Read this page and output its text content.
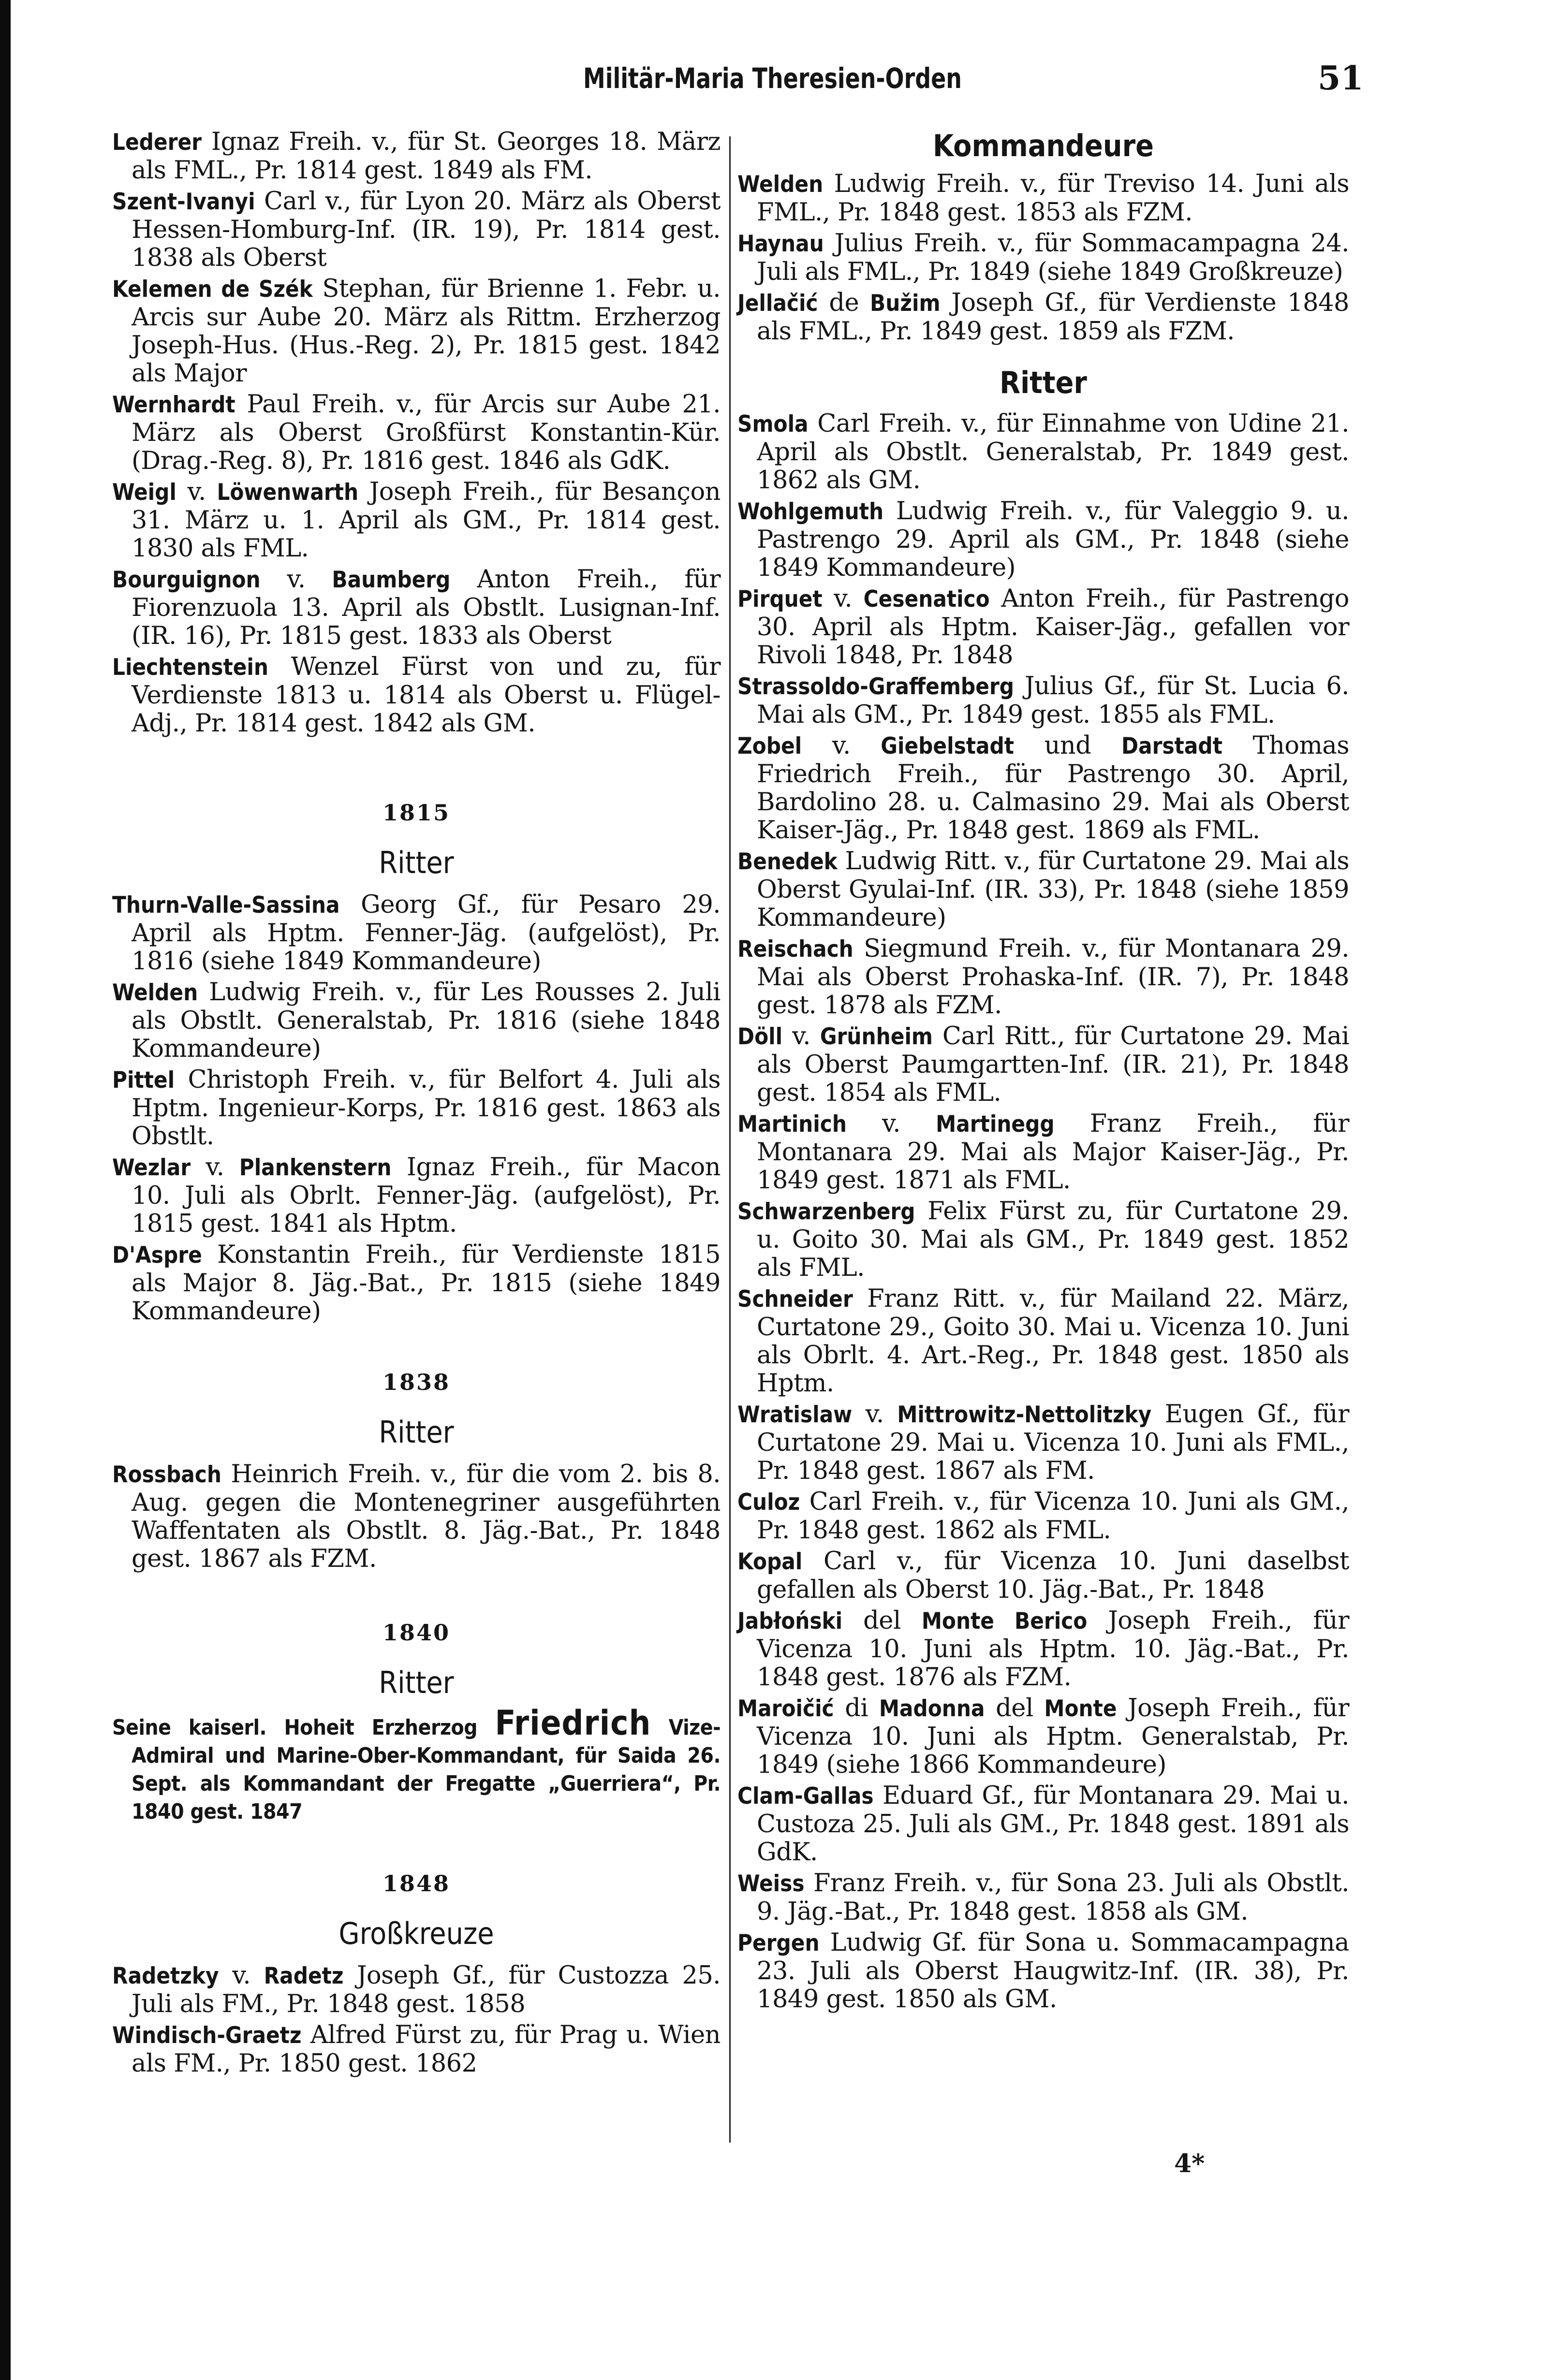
Militär-Maria Theresien-Orden	51
Lederer Ignaz Freih. v., für St. Georges 18. März als FML., Pr. 1814 gest. 1849 als FM.
Szent-Ivanyi Carl v., für Lyon 20. März als Oberst Hessen-Homburg-Inf. (IR. 19), Pr. 1814 gest. 1838 als Oberst
Kelemen de Szék Stephan, für Brienne 1. Febr. u. Arcis sur Aube 20. März als Rittm. Erzherzog Joseph-Hus. (Hus.-Reg. 2), Pr. 1815 gest. 1842 als Major
Wernhardt Paul Freih. v., für Arcis sur Aube 21. März als Oberst Großfürst Konstantin-Kür. (Drag.-Reg. 8), Pr. 1816 gest. 1846 als GdK.
Weigl v. Löwenwarth Joseph Freih., für Besançon 31. März u. 1. April als GM., Pr. 1814 gest. 1830 als FML.
Bourguignon v. Baumberg Anton Freih., für Fiorenzuola 13. April als Obstlt. Lusignan-Inf. (IR. 16), Pr. 1815 gest. 1833 als Oberst
Liechtenstein Wenzel Fürst von und zu, für Verdienste 1813 u. 1814 als Oberst u. Flügel-Adj., Pr. 1814 gest. 1842 als GM.
1815
Ritter
Thurn-Valle-Sassina Georg Gf., für Pesaro 29. April als Hptm. Fenner-Jäg. (aufgelöst), Pr. 1816 (siehe 1849 Kommandeure)
Welden Ludwig Freih. v., für Les Rousses 2. Juli als Obstlt. Generalstab, Pr. 1816 (siehe 1848 Kommandeure)
Pittel Christoph Freih. v., für Belfort 4. Juli als Hptm. Ingenieur-Korps, Pr. 1816 gest. 1863 als Obstlt.
Wezlar v. Plankenstern Ignaz Freih., für Macon 10. Juli als Obrlt. Fenner-Jäg. (aufgelöst), Pr. 1815 gest. 1841 als Hptm.
D'Aspre Konstantin Freih., für Verdienste 1815 als Major 8. Jäg.-Bat., Pr. 1815 (siehe 1849 Kommandeure)
1838
Ritter
Rossbach Heinrich Freih. v., für die vom 2. bis 8. Aug. gegen die Montenegriner ausgeführten Waffentaten als Obstlt. 8. Jäg.-Bat., Pr. 1848 gest. 1867 als FZM.
1840
Ritter
Seine kaiserl. Hoheit Erzherzog Friedrich Vize-Admiral und Marine-Ober-Kommandant, für Saida 26. Sept. als Kommandant der Fregatte „Guerriera“, Pr. 1840 gest. 1847
1848
Großkreuze
Radetzky v. Radetz Joseph Gf., für Custozza 25. Juli als FM., Pr. 1848 gest. 1858
Windisch-Graetz Alfred Fürst zu, für Prag u. Wien als FM., Pr. 1850 gest. 1862
Kommandeure
Welden Ludwig Freih. v., für Treviso 14. Juni als FML., Pr. 1848 gest. 1853 als FZM.
Haynau Julius Freih. v., für Sommacampagna 24. Juli als FML., Pr. 1849 (siehe 1849 Großkreuze)
Jellačić de Bužim Joseph Gf., für Verdienste 1848 als FML., Pr. 1849 gest. 1859 als FZM.
Ritter
Smola Carl Freih. v., für Einnahme von Udine 21. April als Obstlt. Generalstab, Pr. 1849 gest. 1862 als GM.
Wohlgemuth Ludwig Freih. v., für Valeggio 9. u. Pastrengo 29. April als GM., Pr. 1848 (siehe 1849 Kommandeure)
Pirquet v. Cesenatico Anton Freih., für Pastrengo 30. April als Hptm. Kaiser-Jäg., gefallen vor Rivoli 1848, Pr. 1848
Strassoldo-Graffemberg Julius Gf., für St. Lucia 6. Mai als GM., Pr. 1849 gest. 1855 als FML.
Zobel v. Giebelstadt und Darstadt Thomas Friedrich Freih., für Pastrengo 30. April, Bardolino 28. u. Calmasino 29. Mai als Oberst Kaiser-Jäg., Pr. 1848 gest. 1869 als FML.
Benedek Ludwig Ritt. v., für Curtatone 29. Mai als Oberst Gyulai-Inf. (IR. 33), Pr. 1848 (siehe 1859 Kommandeure)
Reischach Siegmund Freih. v., für Montanara 29. Mai als Oberst Prohaska-Inf. (IR. 7), Pr. 1848 gest. 1878 als FZM.
Döll v. Grünheim Carl Ritt., für Curtatone 29. Mai als Oberst Paumgartten-Inf. (IR. 21), Pr. 1848 gest. 1854 als FML.
Martinich v. Martinegg Franz Freih., für Montanara 29. Mai als Major Kaiser-Jäg., Pr. 1849 gest. 1871 als FML.
Schwarzenberg Felix Fürst zu, für Curtatone 29. u. Goito 30. Mai als GM., Pr. 1849 gest. 1852 als FML.
Schneider Franz Ritt. v., für Mailand 22. März, Curtatone 29., Goito 30. Mai u. Vicenza 10. Juni als Obrlt. 4. Art.-Reg., Pr. 1848 gest. 1850 als Hptm.
Wratislaw v. Mittrowitz-Nettolitzky Eugen Gf., für Curtatone 29. Mai u. Vicenza 10. Juni als FML., Pr. 1848 gest. 1867 als FM.
Culoz Carl Freih. v., für Vicenza 10. Juni als GM., Pr. 1848 gest. 1862 als FML.
Kopal Carl v., für Vicenza 10. Juni daselbst gefallen als Oberst 10. Jäg.-Bat., Pr. 1848
Jabłoński del Monte Berico Joseph Freih., für Vicenza 10. Juni als Hptm. 10. Jäg.-Bat., Pr. 1848 gest. 1876 als FZM.
Maroičić di Madonna del Monte Joseph Freih., für Vicenza 10. Juni als Hptm. Generalstab, Pr. 1849 (siehe 1866 Kommandeure)
Clam-Gallas Eduard Gf., für Montanara 29. Mai u. Custoza 25. Juli als GM., Pr. 1848 gest. 1891 als GdK.
Weiss Franz Freih. v., für Sona 23. Juli als Obstlt. 9. Jäg.-Bat., Pr. 1848 gest. 1858 als GM.
Pergen Ludwig Gf. für Sona u. Sommacampagna 23. Juli als Oberst Haugwitz-Inf. (IR. 38), Pr. 1849 gest. 1850 als GM.
4*
